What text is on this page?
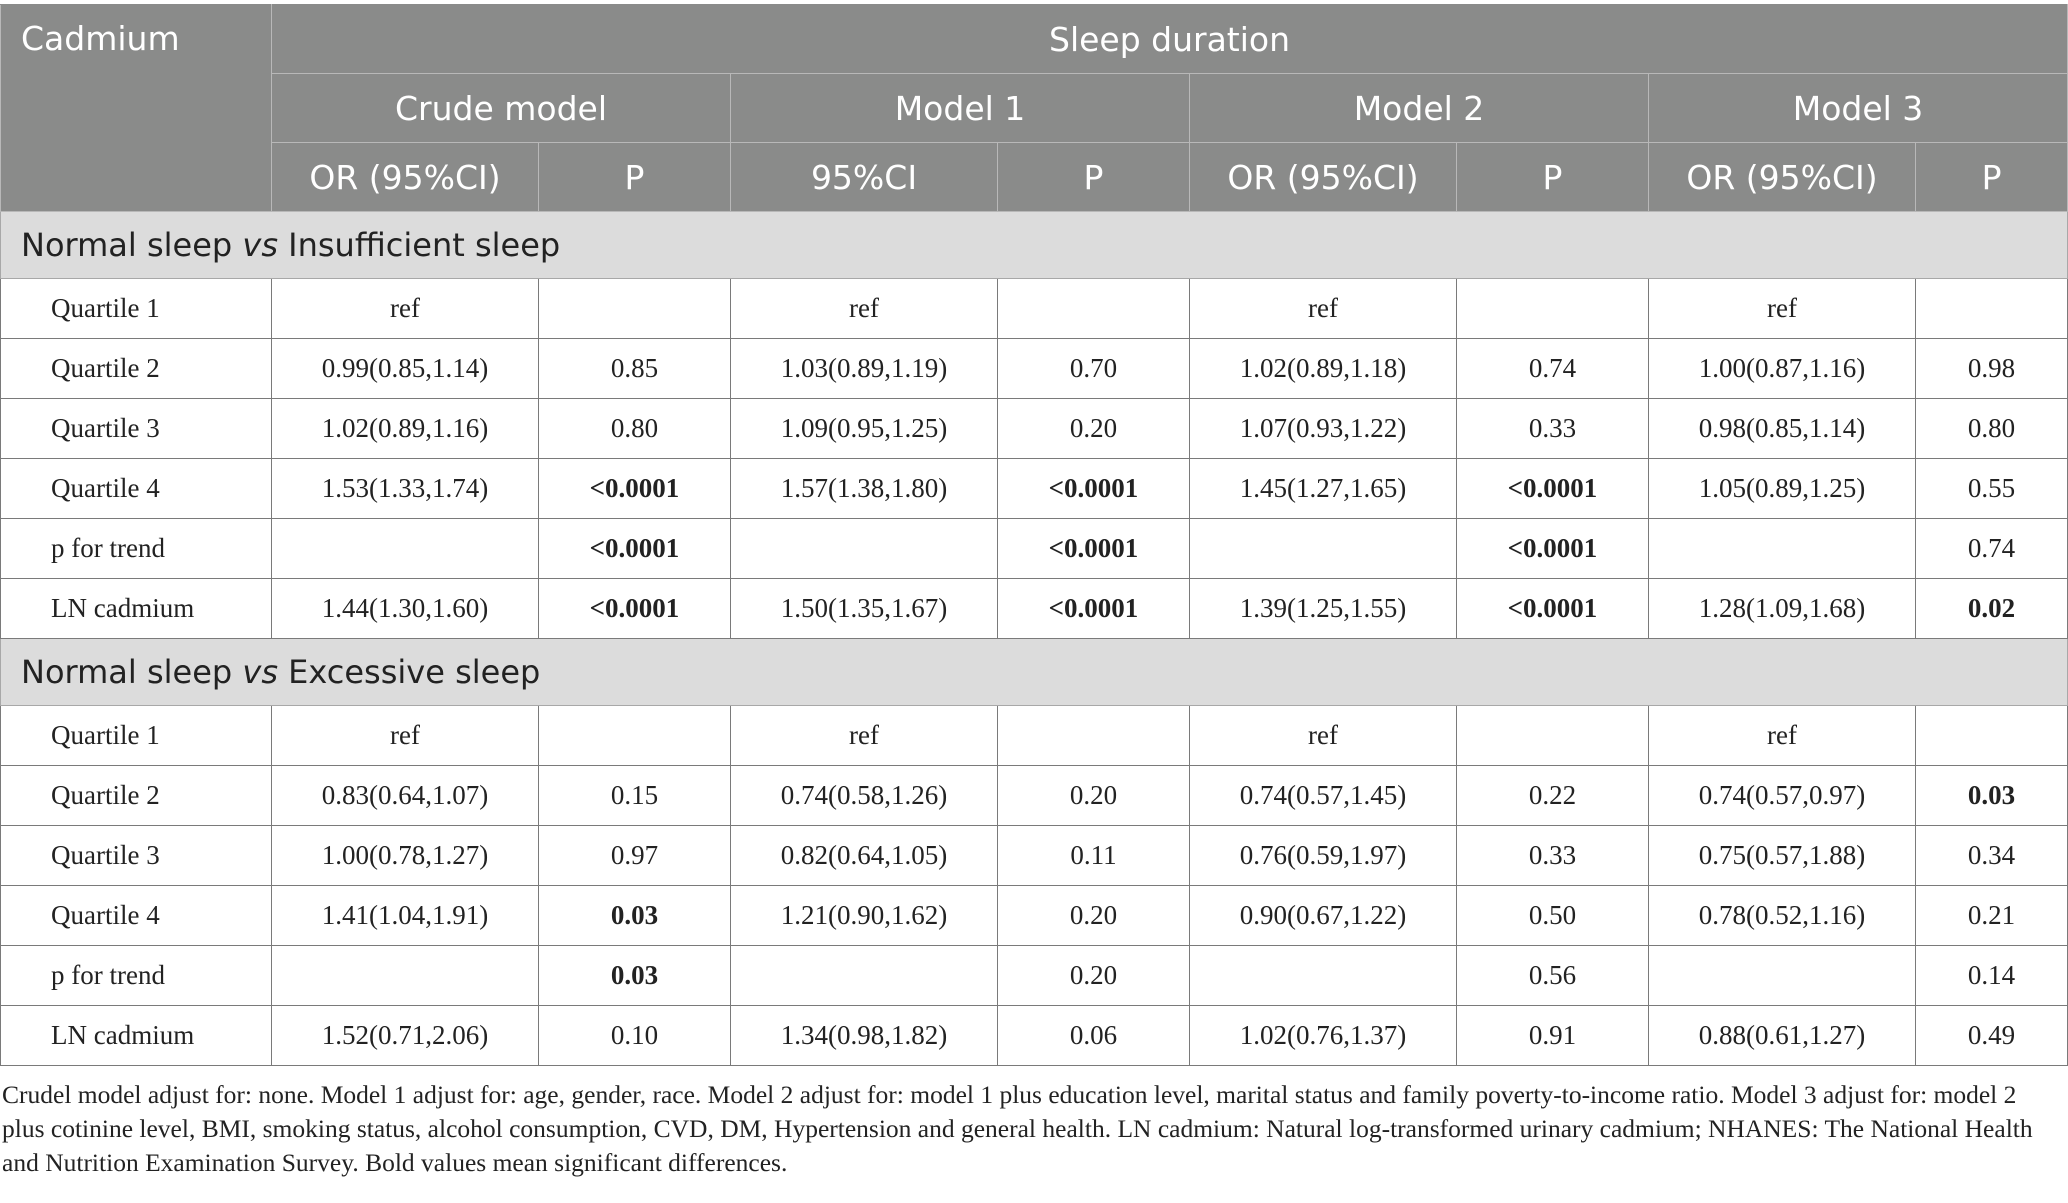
Cadmium	Sleep duration							
	Crude model		Model 1		Model 2		Model 3	
	OR (95%CI)	P	95%CI	P	OR (95%CI)	P	OR (95%CI)	P
Normal sleep vs Insufficient sleep								
Quartile 1	ref		ref		ref		ref	
Quartile 2	0.99(0.85,1.14)	0.85	1.03(0.89,1.19)	0.70	1.02(0.89,1.18)	0.74	1.00(0.87,1.16)	0.98
Quartile 3	1.02(0.89,1.16)	0.80	1.09(0.95,1.25)	0.20	1.07(0.93,1.22)	0.33	0.98(0.85,1.14)	0.80
Quartile 4	1.53(1.33,1.74)	<0.0001	1.57(1.38,1.80)	<0.0001	1.45(1.27,1.65)	<0.0001	1.05(0.89,1.25)	0.55
p for trend		<0.0001		<0.0001		<0.0001		0.74
LN cadmium	1.44(1.30,1.60)	<0.0001	1.50(1.35,1.67)	<0.0001	1.39(1.25,1.55)	<0.0001	1.28(1.09,1.68)	0.02
Normal sleep vs Excessive sleep								
Quartile 1	ref		ref		ref		ref	
Quartile 2	0.83(0.64,1.07)	0.15	0.74(0.58,1.26)	0.20	0.74(0.57,1.45)	0.22	0.74(0.57,0.97)	0.03
Quartile 3	1.00(0.78,1.27)	0.97	0.82(0.64,1.05)	0.11	0.76(0.59,1.97)	0.33	0.75(0.57,1.88)	0.34
Quartile 4	1.41(1.04,1.91)	0.03	1.21(0.90,1.62)	0.20	0.90(0.67,1.22)	0.50	0.78(0.52,1.16)	0.21
p for trend		0.03		0.20		0.56		0.14
LN cadmium	1.52(0.71,2.06)	0.10	1.34(0.98,1.82)	0.06	1.02(0.76,1.37)	0.91	0.88(0.61,1.27)	0.49
Crudel model adjust for: none. Model 1 adjust for: age, gender, race. Model 2 adjust for: model 1 plus education level, marital status and family poverty-to-income ratio. Model 3 adjust for: model 2 plus cotinine level, BMI, smoking status, alcohol consumption, CVD, DM, Hypertension and general health. LN cadmium: Natural log-transformed urinary cadmium; NHANES: The National Health and Nutrition Examination Survey. Bold values mean significant differences.
